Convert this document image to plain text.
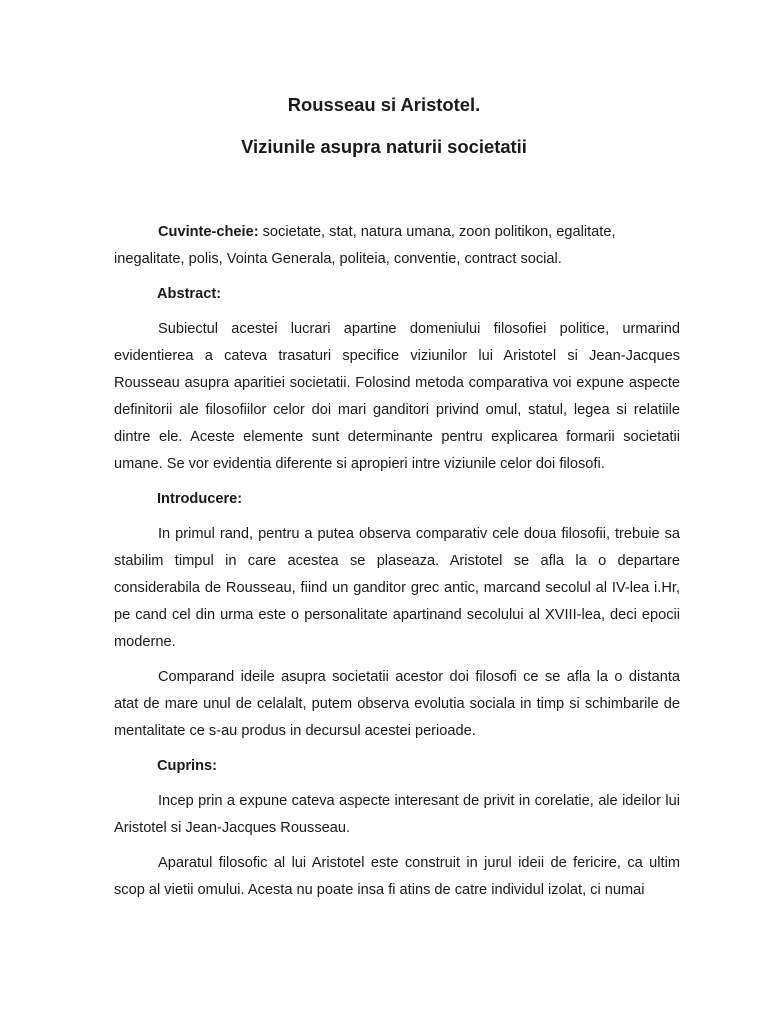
Rousseau si Aristotel.
Viziunile asupra naturii societatii

Cuvinte-cheie: societate, stat, natura umana, zoon politikon, egalitate, inegalitate, polis, Vointa Generala, politeia, conventie, contract social.

Abstract:

Subiectul acestei lucrari apartine domeniului filosofiei politice, urmarind evidentierea a cateva trasaturi specifice viziunilor lui Aristotel si Jean-Jacques Rousseau asupra aparitiei societatii. Folosind metoda comparativa voi expune aspecte definitorii ale filosofiilor celor doi mari ganditori privind omul, statul, legea si relatiile dintre ele. Aceste elemente sunt determinante pentru explicarea formarii societatii umane. Se vor evidentia diferente si apropieri intre viziunile celor doi filosofi.

Introducere:

In primul rand, pentru a putea observa comparativ cele doua filosofii, trebuie sa stabilim timpul in care acestea se plaseaza. Aristotel se afla la o departare considerabila de Rousseau, fiind un ganditor grec antic, marcand secolul al IV-lea i.Hr, pe cand cel din urma este o personalitate apartinand secolului al XVIII-lea, deci epocii moderne.

Comparand ideile asupra societatii acestor doi filosofi ce se afla la o distanta atat de mare unul de celalalt, putem observa evolutia sociala in timp si schimbarile de mentalitate ce s-au produs in decursul acestei perioade.

Cuprins:

Incep prin a expune cateva aspecte interesant de privit in corelatie, ale ideilor lui Aristotel si Jean-Jacques Rousseau.

Aparatul filosofic al lui Aristotel este construit in jurul ideii de fericire, ca ultim scop al vietii omului. Acesta nu poate insa fi atins de catre individul izolat, ci numai
